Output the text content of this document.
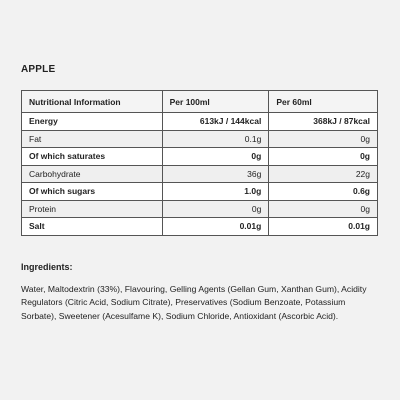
APPLE
Nutritional Information	Per 100ml	Per 60ml
Energy	613kJ / 144kcal	368kJ / 87kcal
Fat	0.1g	0g
Of which saturates	0g	0g
Carbohydrate	36g	22g
Of which sugars	1.0g	0.6g
Protein	0g	0g
Salt	0.01g	0.01g
Ingredients:
Water, Maltodextrin (33%), Flavouring, Gelling Agents (Gellan Gum, Xanthan Gum), Acidity Regulators (Citric Acid, Sodium Citrate), Preservatives (Sodium Benzoate, Potassium Sorbate), Sweetener (Acesulfame K), Sodium Chloride, Antioxidant (Ascorbic Acid).
